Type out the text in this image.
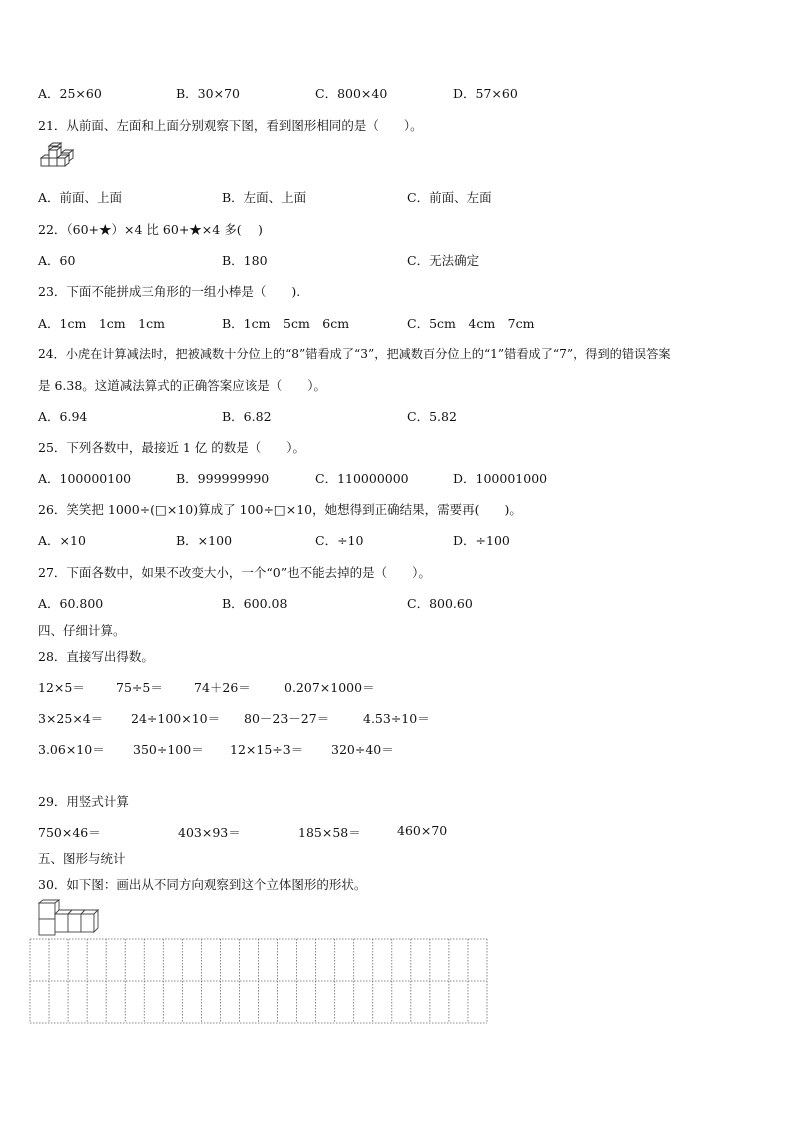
A．25×60	B．30×70	C．800×40	D．57×60
21．从前面、左面和上面分别观察下图，看到图形相同的是（　　）。
A．前面、上面	B．左面、上面	C．前面、左面
22．（60+★）×4 比 60+★×4 多(　 )
A．60	B．180	C．无法确定
23．下面不能拼成三角形的一组小棒是（　　).
A．1cm　1cm　1cm	B．1cm　5cm　6cm	C．5cm　4cm　7cm
24．小虎在计算减法时，把被减数十分位上的“8”错看成了“3”，把减数百分位上的“1”错看成了“7”，得到的错误答案
是 6.38。这道减法算式的正确答案应该是（　　）。
A．6.94	B．6.82	C．5.82
25．下列各数中，最接近 1 亿 的数是（　　）。
A．100000100	B．999999990	C．110000000	D．100001000
26．笑笑把 1000÷(□×10)算成了 100÷□×10，她想得到正确结果，需要再(　　)。
A．×10	B．×100	C．÷10	D．÷100
27．下面各数中，如果不改变大小，一个“0”也不能去掉的是（　　）。
A．60.800	B．600.08	C．800.60
四、仔细计算。
28．直接写出得数。
12×5＝ 75÷5＝ 74＋26＝	0.207×1000＝
3×25×4＝ 24÷100×10＝ 80－23－27＝	4.53÷10＝
3.06×10＝ 350÷100＝ 12×15÷3＝ 320÷40＝
29．用竖式计算
750×46＝	403×93＝	185×58＝	460×70
五、图形与统计
30．如下图：画出从不同方向观察到这个立体图形的形状。
